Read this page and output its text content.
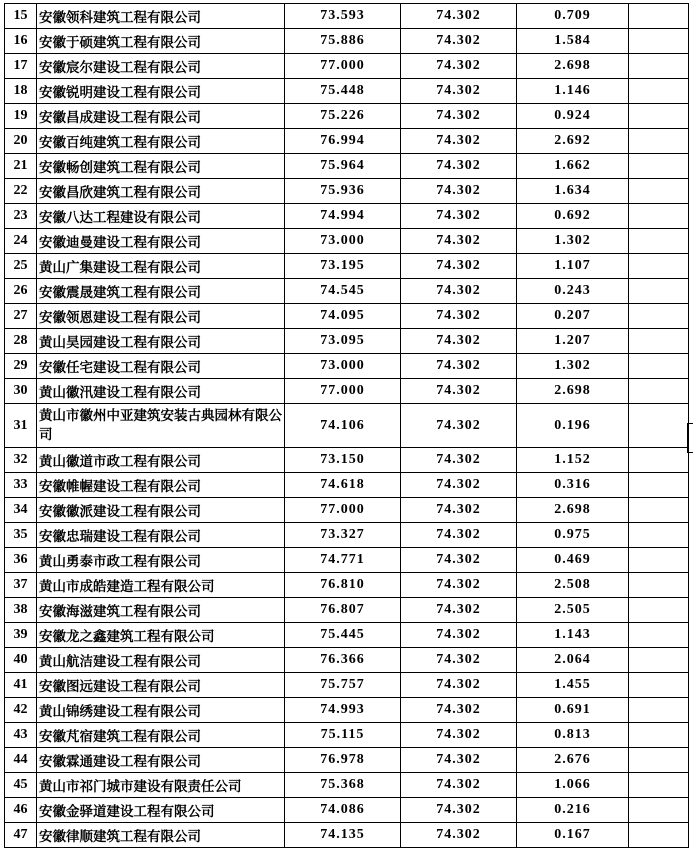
15	安徽领科建筑工程有限公司	73.593	74.302	0.709	
16	安徽于硕建筑工程有限公司	75.886	74.302	1.584	
17	安徽宸尔建设工程有限公司	77.000	74.302	2.698	
18	安徽锐明建设工程有限公司	75.448	74.302	1.146	
19	安徽昌成建设工程有限公司	75.226	74.302	0.924	
20	安徽百纯建筑工程有限公司	76.994	74.302	2.692	
21	安徽畅创建筑工程有限公司	75.964	74.302	1.662	
22	安徽昌欣建筑工程有限公司	75.936	74.302	1.634	
23	安徽八达工程建设有限公司	74.994	74.302	0.692	
24	安徽迪曼建设工程有限公司	73.000	74.302	1.302	
25	黄山广集建设工程有限公司	73.195	74.302	1.107	
26	安徽震晟建筑工程有限公司	74.545	74.302	0.243	
27	安徽领恩建设工程有限公司	74.095	74.302	0.207	
28	黄山昊园建设工程有限公司	73.095	74.302	1.207	
29	安徽任宅建设工程有限公司	73.000	74.302	1.302	
30	黄山徽汛建设工程有限公司	77.000	74.302	2.698	
31	黄山市徽州中亚建筑安装古典园林有限公司	74.106	74.302	0.196	
32	黄山徽道市政工程有限公司	73.150	74.302	1.152	
33	安徽帷幄建设工程有限公司	74.618	74.302	0.316	
34	安徽徽派建设工程有限公司	77.000	74.302	2.698	
35	安徽忠瑞建设工程有限公司	73.327	74.302	0.975	
36	黄山勇泰市政工程有限公司	74.771	74.302	0.469	
37	黄山市成皓建造工程有限公司	76.810	74.302	2.508	
38	安徽海滋建筑工程有限公司	76.807	74.302	2.505	
39	安徽龙之鑫建筑工程有限公司	75.445	74.302	1.143	
40	黄山航洁建设工程有限公司	76.366	74.302	2.064	
41	安徽图远建设工程有限公司	75.757	74.302	1.455	
42	黄山锦绣建设工程有限公司	74.993	74.302	0.691	
43	安徽芃宿建筑工程有限公司	75.115	74.302	0.813	
44	安徽霖通建设工程有限公司	76.978	74.302	2.676	
45	黄山市祁门城市建设有限责任公司	75.368	74.302	1.066	
46	安徽金驿道建设工程有限公司	74.086	74.302	0.216	
47	安徽律顺建筑工程有限公司	74.135	74.302	0.167	
